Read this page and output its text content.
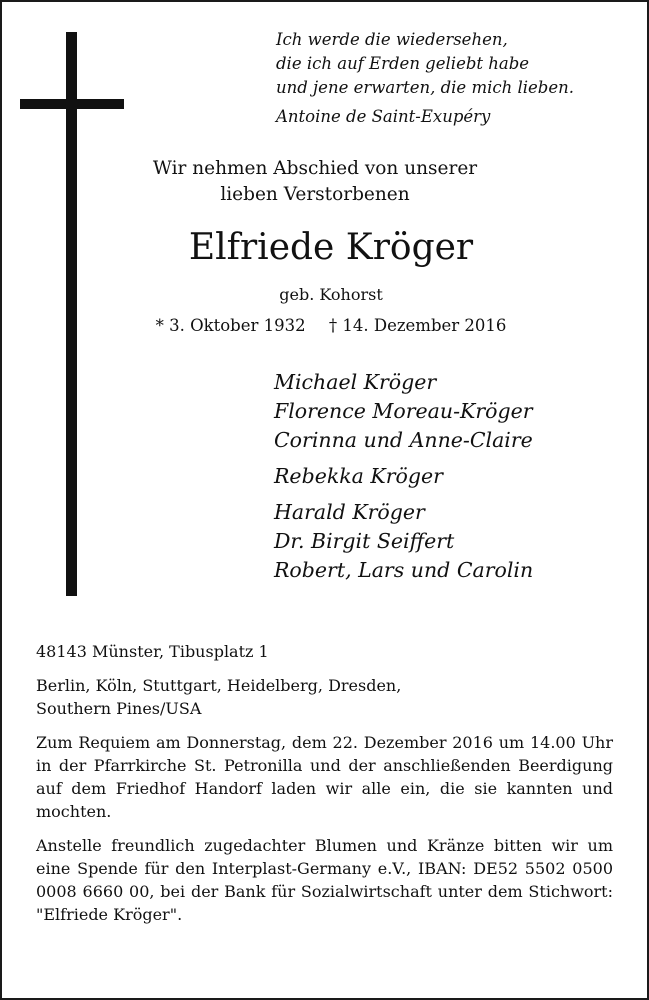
Ich werde die wiedersehen,
die ich auf Erden geliebt habe
und jene erwarten, die mich lieben.
Antoine de Saint-Exupéry
Wir nehmen Abschied von unserer
lieben Verstorbenen
Elfriede Kröger
geb. Kohorst
* 3. Oktober 1932 † 14. Dezember 2016
Michael Kröger
Florence Moreau-Kröger
Corinna und Anne-Claire
Rebekka Kröger
Harald Kröger
Dr. Birgit Seiffert
Robert, Lars und Carolin

48143 Münster, Tibusplatz 1

Berlin, Köln, Stuttgart, Heidelberg, Dresden,
Southern Pines/USA

Zum Requiem am Donnerstag, dem 22. Dezember 2016 um 14.00 Uhr in der Pfarrkirche St. Petronilla und der anschließenden Beerdigung auf dem Friedhof Handorf laden wir alle ein, die sie kannten und mochten.

Anstelle freundlich zugedachter Blumen und Kränze bitten wir um eine Spende für den Interplast-Germany e.V., IBAN: DE52 5502 0500 0008 6660 00, bei der Bank für Sozialwirtschaft unter dem Stichwort: "Elfriede Kröger".
